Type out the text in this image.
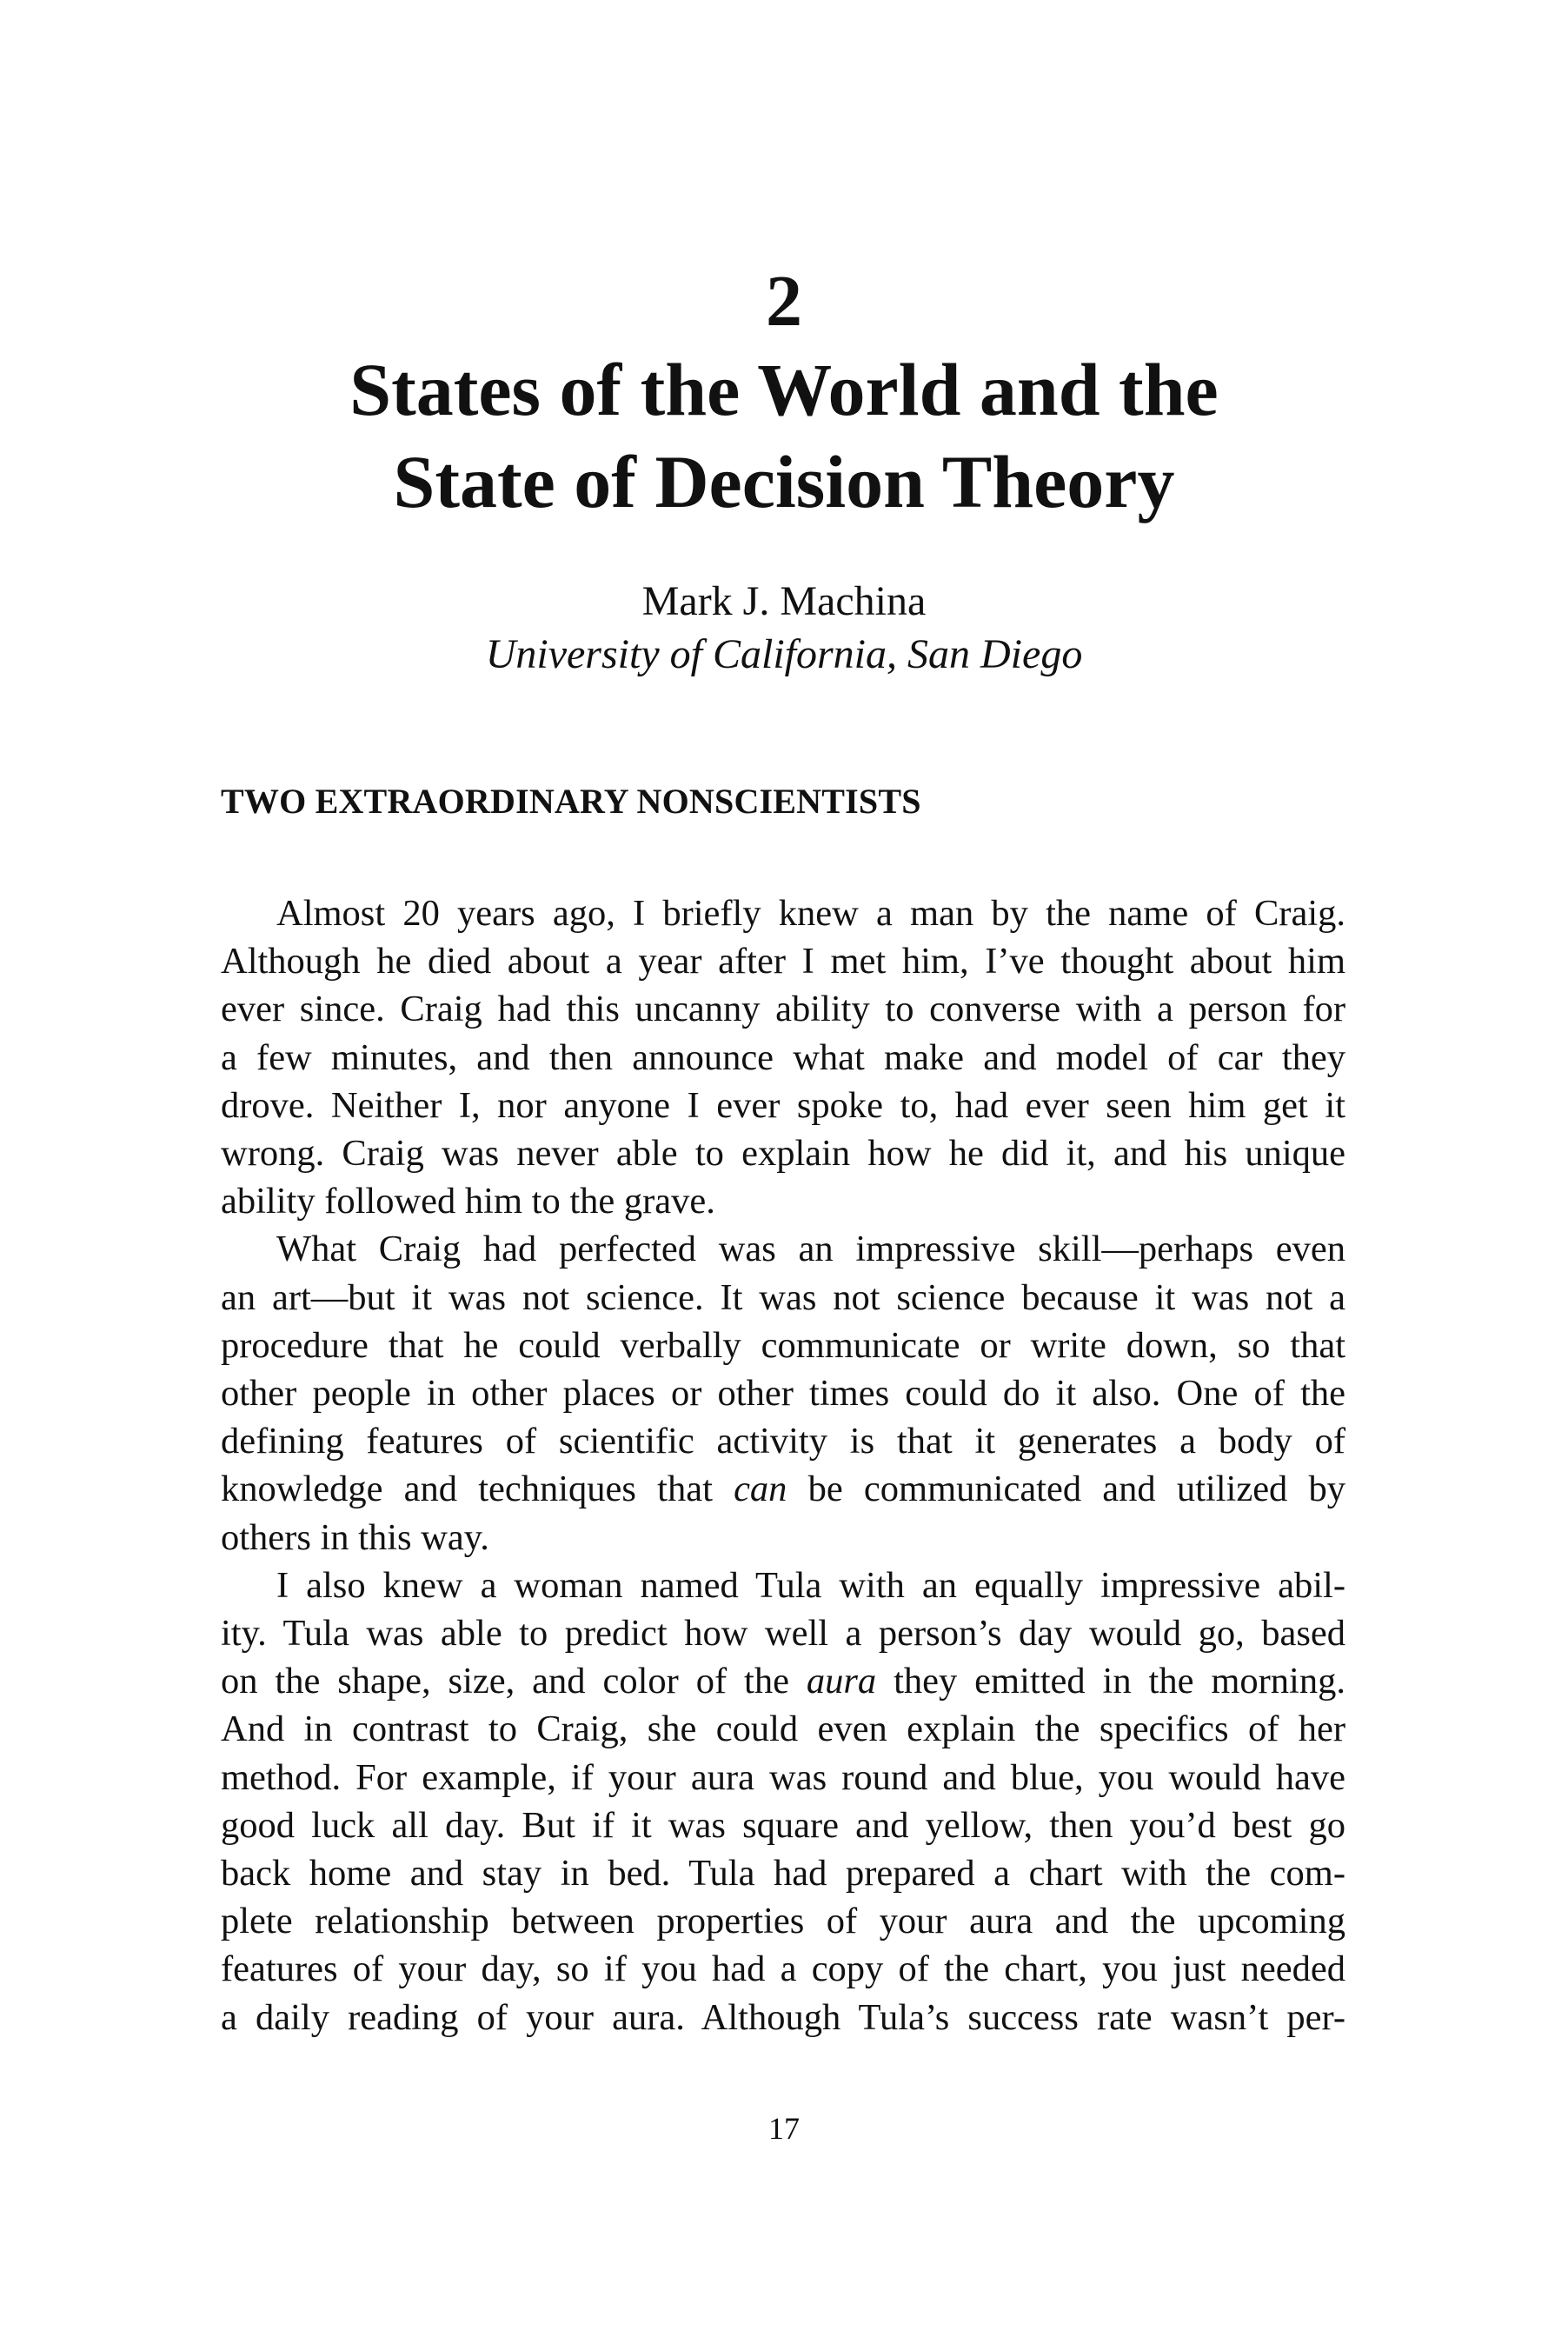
2
States of the World and the
State of Decision Theory
Mark J. Machina
University of California, San Diego
TWO EXTRAORDINARY NONSCIENTISTS

Almost 20 years ago, I briefly knew a man by the name of Craig.
Although he died about a year after I met him, I’ve thought about him
ever since. Craig had this uncanny ability to converse with a person for
a few minutes, and then announce what make and model of car they
drove. Neither I, nor anyone I ever spoke to, had ever seen him get it
wrong. Craig was never able to explain how he did it, and his unique
ability followed him to the grave.

What Craig had perfected was an impressive skill—perhaps even
an art—but it was not science. It was not science because it was not a
procedure that he could verbally communicate or write down, so that
other people in other places or other times could do it also. One of the
defining features of scientific activity is that it generates a body of
knowledge and techniques that can be communicated and utilized by
others in this way.

I also knew a woman named Tula with an equally impressive abil-
ity. Tula was able to predict how well a person’s day would go, based
on the shape, size, and color of the aura they emitted in the morning.
And in contrast to Craig, she could even explain the specifics of her
method. For example, if your aura was round and blue, you would have
good luck all day. But if it was square and yellow, then you’d best go
back home and stay in bed. Tula had prepared a chart with the com-
plete relationship between properties of your aura and the upcoming
features of your day, so if you had a copy of the chart, you just needed
a daily reading of your aura. Although Tula’s success rate wasn’t per-

17
